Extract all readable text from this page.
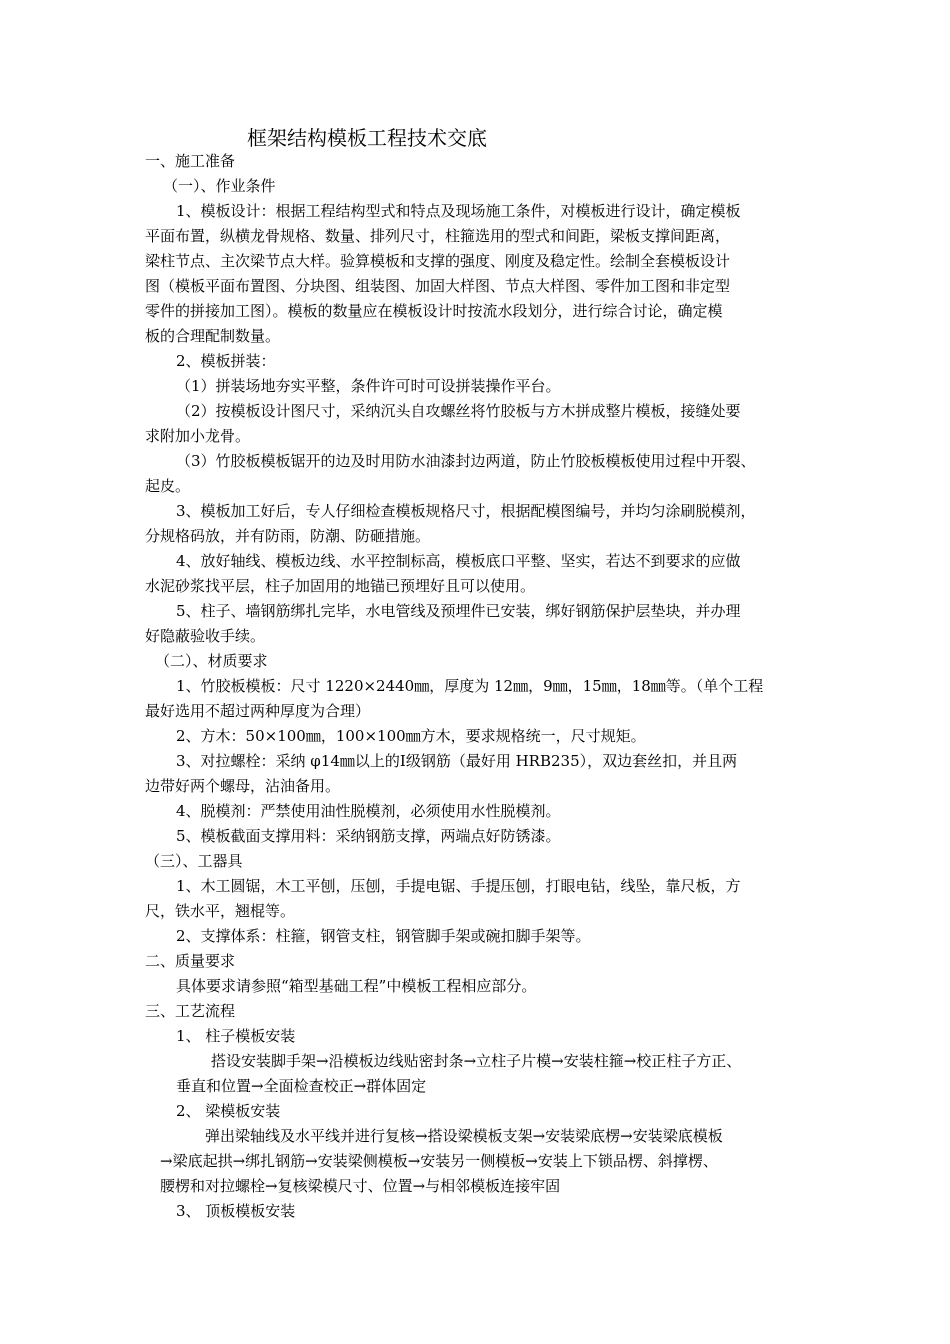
框架结构模板工程技术交底
一、施工准备
（一）、作业条件
1、模板设计：根据工程结构型式和特点及现场施工条件，对模板进行设计，确定模板
平面布置，纵横龙骨规格、数量、排列尺寸，柱箍选用的型式和间距，梁板支撑间距离，
梁柱节点、主次梁节点大样。验算模板和支撑的强度、刚度及稳定性。绘制全套模板设计
图（模板平面布置图、分块图、组装图、加固大样图、节点大样图、零件加工图和非定型
零件的拼接加工图）。模板的数量应在模板设计时按流水段划分，进行综合讨论，确定模
板的合理配制数量。
2、模板拼装：
（1）拼装场地夯实平整，条件许可时可设拼装操作平台。
（2）按模板设计图尺寸，采纳沉头自攻螺丝将竹胶板与方木拼成整片模板，接缝处要
求附加小龙骨。
（3）竹胶板模板锯开的边及时用防水油漆封边两道，防止竹胶板模板使用过程中开裂、
起皮。
3、模板加工好后，专人仔细检查模板规格尺寸，根据配模图编号，并均匀涂刷脱模剂，
分规格码放，并有防雨，防潮、防砸措施。
4、放好轴线、模板边线、水平控制标高，模板底口平整、坚实，若达不到要求的应做
水泥砂浆找平层，柱子加固用的地锚已预埋好且可以使用。
5、柱子、墙钢筋绑扎完毕，水电管线及预埋件已安装，绑好钢筋保护层垫块，并办理
好隐蔽验收手续。
（二）、材质要求
1、竹胶板模板：尺寸 1220×2440㎜，厚度为 12㎜，9㎜，15㎜，18㎜等。（单个工程
最好选用不超过两种厚度为合理）
2、方木：50×100㎜，100×100㎜方木，要求规格统一，尺寸规矩。
3、对拉螺栓：采纳 φ14㎜以上的Ⅰ级钢筋（最好用 HRB235），双边套丝扣，并且两
边带好两个螺母，沾油备用。
4、脱模剂：严禁使用油性脱模剂，必须使用水性脱模剂。
5、模板截面支撑用料：采纳钢筋支撑，两端点好防锈漆。
（三）、工器具
1、木工圆锯，木工平刨，压刨，手提电锯、手提压刨，打眼电钻，线坠，靠尺板，方
尺，铁水平，翘棍等。
2、支撑体系：柱箍，钢管支柱，钢管脚手架或碗扣脚手架等。
二、质量要求
具体要求请参照“箱型基础工程”中模板工程相应部分。
三、工艺流程
1、 柱子模板安装
搭设安装脚手架→沿模板边线贴密封条→立柱子片模→安装柱箍→校正柱子方正、
垂直和位置→全面检查校正→群体固定
2、 梁模板安装
弹出梁轴线及水平线并进行复核→搭设梁模板支架→安装梁底楞→安装梁底模板
→梁底起拱→绑扎钢筋→安装梁侧模板→安装另一侧模板→安装上下锁品楞、斜撑楞、
腰楞和对拉螺栓→复核梁模尺寸、位置→与相邻模板连接牢固
3、 顶板模板安装
